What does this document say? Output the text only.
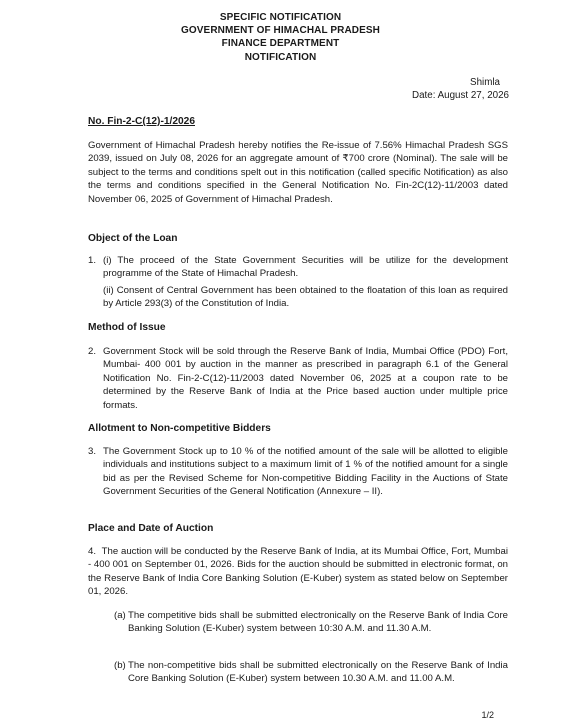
SPECIFIC NOTIFICATION
GOVERNMENT OF HIMACHAL PRADESH
FINANCE DEPARTMENT
NOTIFICATION
Shimla
Date: August 27, 2026
No. Fin-2-C(12)-1/2026
Government of Himachal Pradesh hereby notifies the Re-issue of 7.56% Himachal Pradesh SGS 2039, issued on July 08, 2026 for an aggregate amount of ₹700 crore (Nominal). The sale will be subject to the terms and conditions spelt out in this notification (called specific Notification) as also the terms and conditions specified in the General Notification No. Fin-2C(12)-11/2003 dated November 06, 2025 of Government of Himachal Pradesh.
Object of the Loan
1. (i) The proceed of the State Government Securities will be utilize for the development programme of the State of Himachal Pradesh.
(ii) Consent of Central Government has been obtained to the floatation of this loan as required by Article 293(3) of the Constitution of India.
Method of Issue
2. Government Stock will be sold through the Reserve Bank of India, Mumbai Office (PDO) Fort, Mumbai- 400 001 by auction in the manner as prescribed in paragraph 6.1 of the General Notification No. Fin-2-C(12)-11/2003 dated November 06, 2025 at a coupon rate to be determined by the Reserve Bank of India at the Price based auction under multiple price formats.
Allotment to Non-competitive Bidders
3. The Government Stock up to 10 % of the notified amount of the sale will be allotted to eligible individuals and institutions subject to a maximum limit of 1 % of the notified amount for a single bid as per the Revised Scheme for Non-competitive Bidding Facility in the Auctions of State Government Securities of the General Notification (Annexure – II).
Place and Date of Auction
4. The auction will be conducted by the Reserve Bank of India, at its Mumbai Office, Fort, Mumbai - 400 001 on September 01, 2026. Bids for the auction should be submitted in electronic format, on the Reserve Bank of India Core Banking Solution (E-Kuber) system as stated below on September 01, 2026.
(a) The competitive bids shall be submitted electronically on the Reserve Bank of India Core Banking Solution (E-Kuber) system between 10:30 A.M. and 11.30 A.M.
(b) The non-competitive bids shall be submitted electronically on the Reserve Bank of India Core Banking Solution (E-Kuber) system between 10.30 A.M. and 11.00 A.M.
1/2
